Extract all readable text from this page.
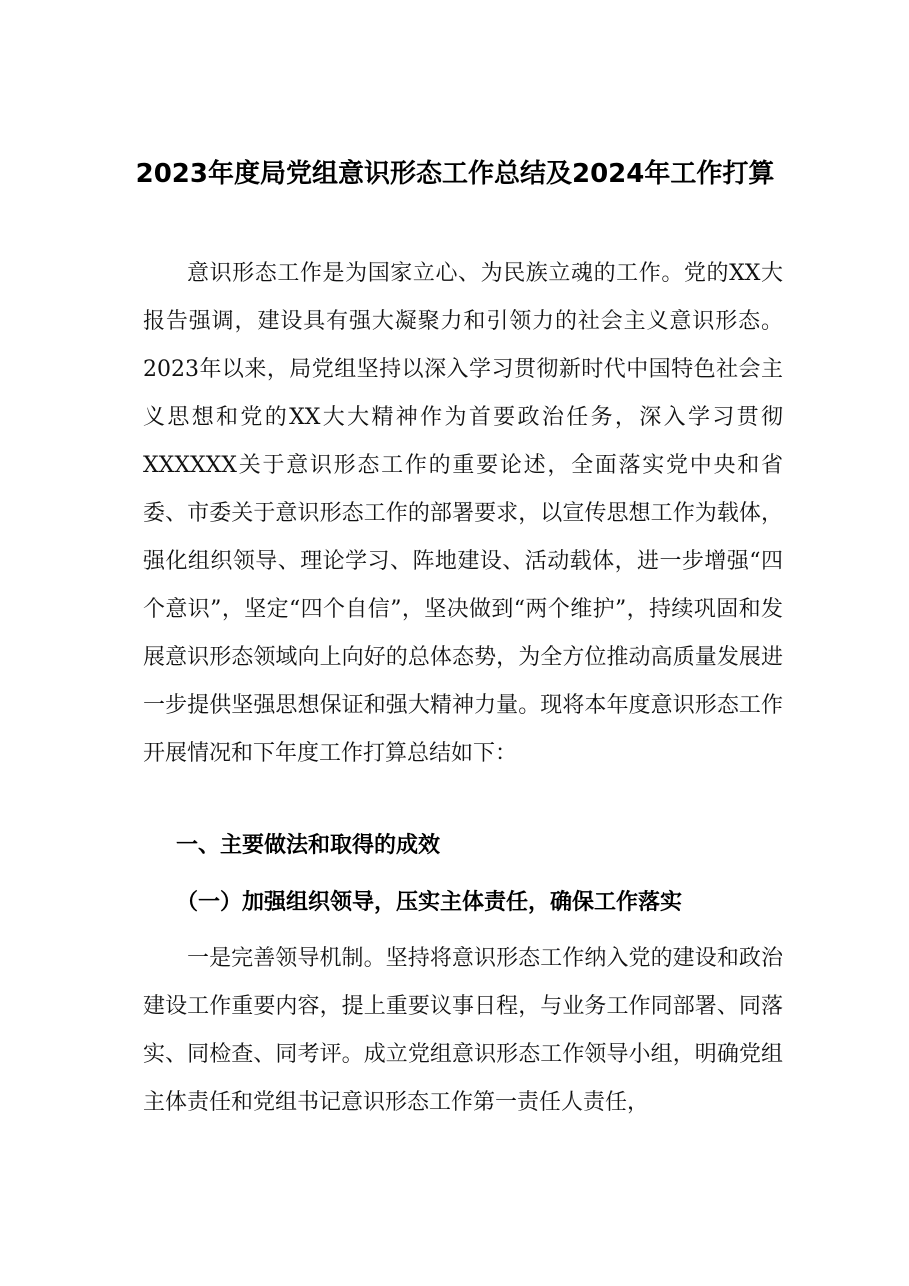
2023年度局党组意识形态工作总结及2024年工作打算

意识形态工作是为国家立心、为民族立魂的工作。党的XX大报告强调，建设具有强大凝聚力和引领力的社会主义意识形态。2023年以来，局党组坚持以深入学习贯彻新时代中国特色社会主义思想和党的XX大大精神作为首要政治任务，深入学习贯彻XXXXXX关于意识形态工作的重要论述，全面落实党中央和省委、市委关于意识形态工作的部署要求，以宣传思想工作为载体，强化组织领导、理论学习、阵地建设、活动载体，进一步增强“四个意识”，坚定“四个自信”，坚决做到“两个维护”，持续巩固和发展意识形态领域向上向好的总体态势，为全方位推动高质量发展进一步提供坚强思想保证和强大精神力量。现将本年度意识形态工作开展情况和下年度工作打算总结如下：

一、主要做法和取得的成效
（一）加强组织领导，压实主体责任，确保工作落实

一是完善领导机制。坚持将意识形态工作纳入党的建设和政治建设工作重要内容，提上重要议事日程，与业务工作同部署、同落实、同检查、同考评。成立党组意识形态工作领导小组，明确党组主体责任和党组书记意识形态工作第一责任人责任，
